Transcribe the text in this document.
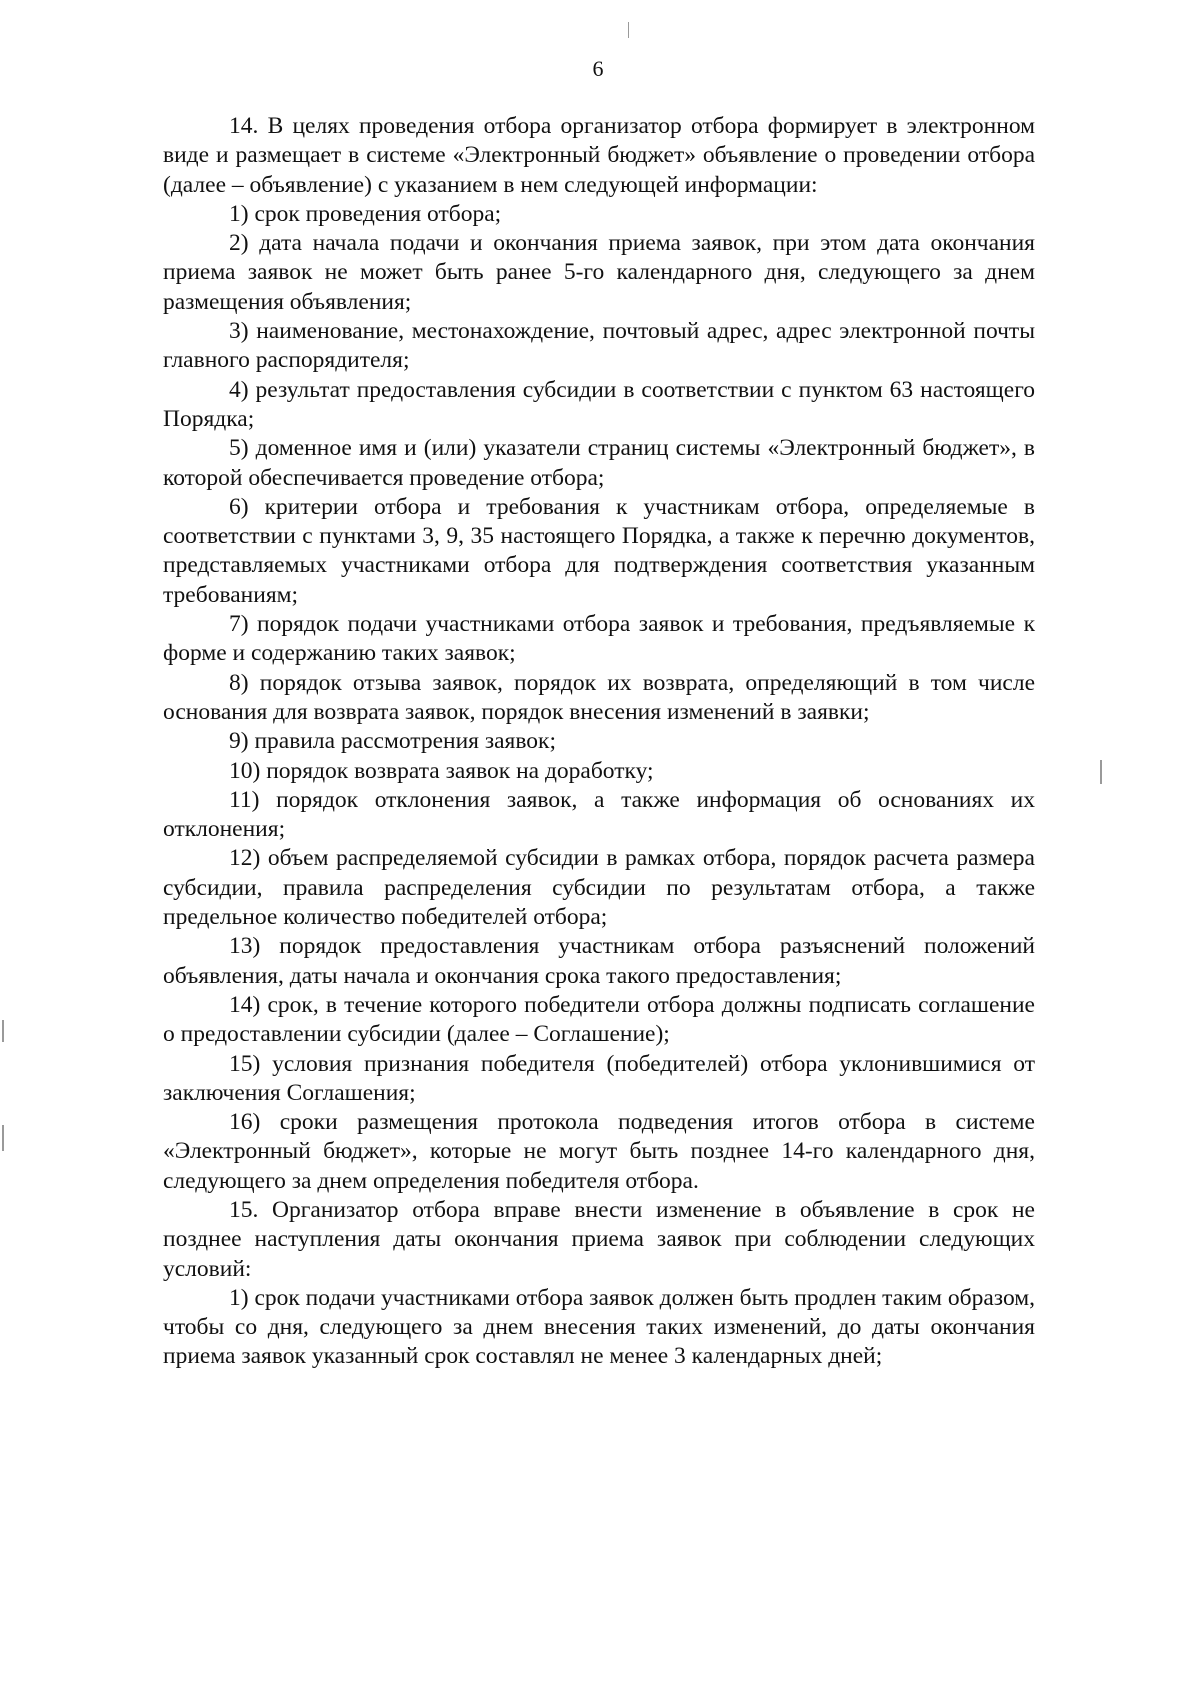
6

14. В целях проведения отбора организатор отбора формирует в электронном виде и размещает в системе «Электронный бюджет» объявление о проведении отбора (далее – объявление) с указанием в нем следующей информации:

1) срок проведения отбора;

2) дата начала подачи и окончания приема заявок, при этом дата окончания приема заявок не может быть ранее 5-го календарного дня, следующего за днем размещения объявления;

3) наименование, местонахождение, почтовый адрес, адрес электронной почты главного распорядителя;

4) результат предоставления субсидии в соответствии с пунктом 63 настоящего Порядка;

5) доменное имя и (или) указатели страниц системы «Электронный бюджет», в которой обеспечивается проведение отбора;

6) критерии отбора и требования к участникам отбора, определяемые в соответствии с пунктами 3, 9, 35 настоящего Порядка, а также к перечню документов, представляемых участниками отбора для подтверждения соответствия указанным требованиям;

7) порядок подачи участниками отбора заявок и требования, предъявляемые к форме и содержанию таких заявок;

8) порядок отзыва заявок, порядок их возврата, определяющий в том числе основания для возврата заявок, порядок внесения изменений в заявки;

9) правила рассмотрения заявок;

10) порядок возврата заявок на доработку;

11) порядок отклонения заявок, а также информация об основаниях их отклонения;

12) объем распределяемой субсидии в рамках отбора, порядок расчета размера субсидии, правила распределения субсидии по результатам отбора, а также предельное количество победителей отбора;

13) порядок предоставления участникам отбора разъяснений положений объявления, даты начала и окончания срока такого предоставления;

14) срок, в течение которого победители отбора должны подписать соглашение о предоставлении субсидии (далее – Соглашение);

15) условия признания победителя (победителей) отбора уклонившимися от заключения Соглашения;

16) сроки размещения протокола подведения итогов отбора в системе «Электронный бюджет», которые не могут быть позднее 14-го календарного дня, следующего за днем определения победителя отбора.

15. Организатор отбора вправе внести изменение в объявление в срок не позднее наступления даты окончания приема заявок при соблюдении следующих условий:

1) срок подачи участниками отбора заявок должен быть продлен таким образом, чтобы со дня, следующего за днем внесения таких изменений, до даты окончания приема заявок указанный срок составлял не менее 3 календарных дней;
